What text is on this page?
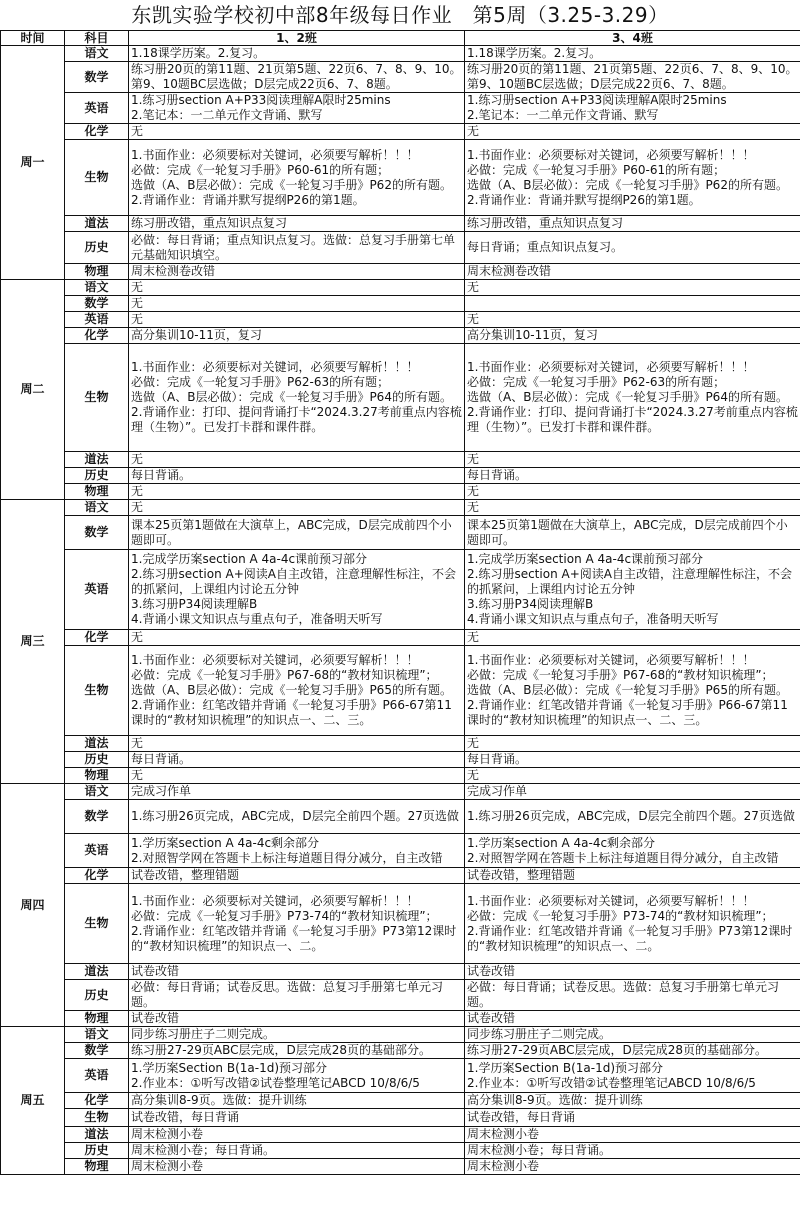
东凯实验学校初中部8年级每日作业　第5周（3.25-3.29）
时间	科目	1、2班	3、4班
周一	语文	1.18课学历案。2.复习。	1.18课学历案。2.复习。
	数学	练习册20页的第11题、21页第5题、22页6、7、8、9、10。第9、10题BC层选做；D层完成22页6、7、8题。	练习册20页的第11题、21页第5题、22页6、7、8、9、10。第9、10题BC层选做；D层完成22页6、7、8题。
	英语	1.练习册section A+P33阅读理解A限时25mins
2.笔记本：一二单元作文背诵、默写	1.练习册section A+P33阅读理解A限时25mins
2.笔记本：一二单元作文背诵、默写
	化学	无	无
	生物	1.书面作业：必须要标对关键词，必须要写解析！！！
必做：完成《一轮复习手册》P60-61的所有题；
选做（A、B层必做）：完成《一轮复习手册》P62的所有题。
2.背诵作业：背诵并默写提纲P26的第1题。	1.书面作业：必须要标对关键词，必须要写解析！！！
必做：完成《一轮复习手册》P60-61的所有题；
选做（A、B层必做）：完成《一轮复习手册》P62的所有题。
2.背诵作业：背诵并默写提纲P26的第1题。
	道法	练习册改错，重点知识点复习	练习册改错，重点知识点复习
	历史	必做：每日背诵；重点知识点复习。选做：总复习手册第七单元基础知识填空。	每日背诵；重点知识点复习。
	物理	周末检测卷改错	周末检测卷改错
周二	语文	无	无
	数学	无	
	英语	无	无
	化学	高分集训10-11页，复习	高分集训10-11页，复习
	生物	1.书面作业：必须要标对关键词，必须要写解析！！！
必做：完成《一轮复习手册》P62-63的所有题；
选做（A、B层必做）：完成《一轮复习手册》P64的所有题。
2.背诵作业：打印、提问背诵打卡“2024.3.27考前重点内容梳理（生物）”。已发打卡群和课件群。	1.书面作业：必须要标对关键词，必须要写解析！！！
必做：完成《一轮复习手册》P62-63的所有题；
选做（A、B层必做）：完成《一轮复习手册》P64的所有题。
2.背诵作业：打印、提问背诵打卡“2024.3.27考前重点内容梳理（生物）”。已发打卡群和课件群。
	道法	无	无
	历史	每日背诵。	每日背诵。
	物理	无	无
周三	语文	无	无
	数学	课本25页第1题做在大演草上，ABC完成，D层完成前四个小题即可。	课本25页第1题做在大演草上，ABC完成，D层完成前四个小题即可。
	英语	1.完成学历案section A 4a-4c课前预习部分
2.练习册section A+阅读A自主改错，注意理解性标注，不会的抓紧问，上课组内讨论五分钟
3.练习册P34阅读理解B
4.背诵小课文知识点与重点句子，准备明天听写	1.完成学历案section A 4a-4c课前预习部分
2.练习册section A+阅读A自主改错，注意理解性标注，不会的抓紧问，上课组内讨论五分钟
3.练习册P34阅读理解B
4.背诵小课文知识点与重点句子，准备明天听写
	化学	无	无
	生物	1.书面作业：必须要标对关键词，必须要写解析！！！
必做：完成《一轮复习手册》P67-68的“教材知识梳理”；
选做（A、B层必做）：完成《一轮复习手册》P65的所有题。
2.背诵作业：红笔改错并背诵《一轮复习手册》P66-67第11课时的“教材知识梳理”的知识点一、二、三。	1.书面作业：必须要标对关键词，必须要写解析！！！
必做：完成《一轮复习手册》P67-68的“教材知识梳理”；
选做（A、B层必做）：完成《一轮复习手册》P65的所有题。
2.背诵作业：红笔改错并背诵《一轮复习手册》P66-67第11课时的“教材知识梳理”的知识点一、二、三。
	道法	无	无
	历史	每日背诵。	每日背诵。
	物理	无	无
周四	语文	完成习作单	完成习作单
	数学	1.练习册26页完成，ABC完成，D层完全前四个题。27页选做	1.练习册26页完成，ABC完成，D层完全前四个题。27页选做
	英语	1.学历案section A 4a-4c剩余部分
2.对照智学网在答题卡上标注每道题目得分减分，自主改错	1.学历案section A 4a-4c剩余部分
2.对照智学网在答题卡上标注每道题目得分减分，自主改错
	化学	试卷改错，整理错题	试卷改错，整理错题
	生物	1.书面作业：必须要标对关键词，必须要写解析！！！
必做：完成《一轮复习手册》P73-74的“教材知识梳理”；
2.背诵作业：红笔改错并背诵《一轮复习手册》P73第12课时的“教材知识梳理”的知识点一、二。	1.书面作业：必须要标对关键词，必须要写解析！！！
必做：完成《一轮复习手册》P73-74的“教材知识梳理”；
2.背诵作业：红笔改错并背诵《一轮复习手册》P73第12课时的“教材知识梳理”的知识点一、二。
	道法	试卷改错	试卷改错
	历史	必做：每日背诵；试卷反思。选做：总复习手册第七单元习题。	必做：每日背诵；试卷反思。选做：总复习手册第七单元习题。
	物理	试卷改错	试卷改错
周五	语文	同步练习册庄子二则完成。	同步练习册庄子二则完成。
	数学	练习册27-29页ABC层完成，D层完成28页的基础部分。	练习册27-29页ABC层完成，D层完成28页的基础部分。
	英语	1.学历案Section B(1a-1d)预习部分
2.作业本：①听写改错②试卷整理笔记ABCD 10/8/6/5	1.学历案Section B(1a-1d)预习部分
2.作业本：①听写改错②试卷整理笔记ABCD 10/8/6/5
	化学	高分集训8-9页。选做：提升训练	高分集训8-9页。选做：提升训练
	生物	试卷改错，每日背诵	试卷改错，每日背诵
	道法	周末检测小卷	周末检测小卷
	历史	周末检测小卷；每日背诵。	周末检测小卷；每日背诵。
	物理	周末检测小卷	周末检测小卷
